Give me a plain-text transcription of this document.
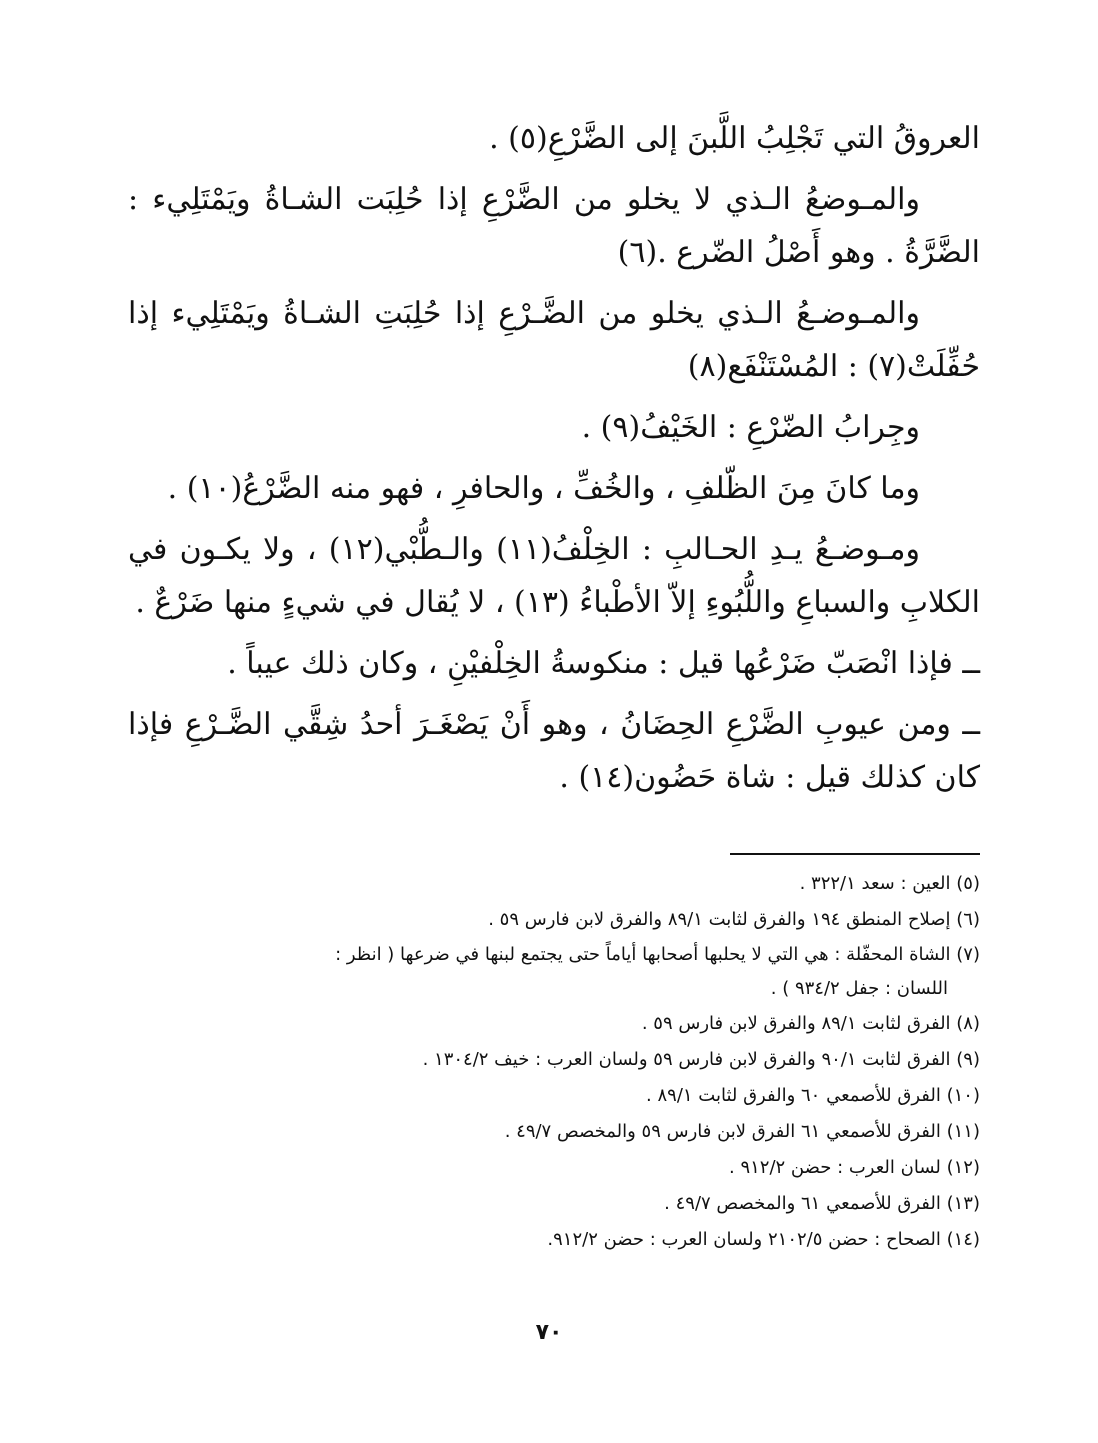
العروقُ التي تَجْلِبُ اللَّبنَ إلى الضَّرْعِ(٥) .

والمـوضعُ الـذي لا يخلو من الضَّرْعِ إذا حُلِبَت الشـاةُ ويَمْتَلِيء : الضَّرَّةُ . وهو أَصْلُ الضّرع .(٦)

والمـوضـعُ الـذي يخلو من الضَّـرْعِ إذا حُلِبَتِ الشـاةُ ويَمْتَلِيء إذا حُفِّلَتْ(٧) : المُسْتَنْفَع(٨)

وجِرابُ الضّرْعِ : الخَيْفُ(٩) .

وما كانَ مِنَ الظّلفِ ، والخُفِّ ، والحافرِ ، فهو منه الضَّرْعُ(١٠) .

ومـوضـعُ يـدِ الحـالبِ : الخِلْفُ(١١) والـطُّبْي(١٢) ، ولا يكـون في الكلابِ والسباعِ واللُّبُوءِ إلاّ الأطْباءُ (١٣) ، لا يُقال في شيءٍ منها ضَرْعٌ .

ــ فإذا انْصَبّ ضَرْعُها قيل : منكوسةُ الخِلْفيْنِ ، وكان ذلك عيباً .

ــ ومن عيوبِ الضَّرْعِ الحِضَانُ ، وهو أَنْ يَصْغَـرَ أحدُ شِقَّي الضَّـرْعِ فإذا كان كذلك قيل : شاة حَضُون(١٤) .

(٥) العين : سعد ٣٢٢/١ .

(٦) إصلاح المنطق ١٩٤ والفرق لثابت ٨٩/١ والفرق لابن فارس ٥٩ .

(٧) الشاة المحفّلة : هي التي لا يحلبها أصحابها أياماً حتى يجتمع لبنها في ضرعها ( انظر :
اللسان : جفل ٩٣٤/٢ ) .

(٨) الفرق لثابت ٨٩/١ والفرق لابن فارس ٥٩ .

(٩) الفرق لثابت ٩٠/١ والفرق لابن فارس ٥٩ ولسان العرب : خيف ١٣٠٤/٢ .

(١٠) الفرق للأصمعي ٦٠ والفرق لثابت ٨٩/١ .

(١١) الفرق للأصمعي ٦١ الفرق لابن فارس ٥٩ والمخصص ٤٩/٧ .

(١٢) لسان العرب : حضن ٩١٢/٢ .

(١٣) الفرق للأصمعي ٦١ والمخصص ٤٩/٧ .

(١٤) الصحاح : حضن ٢١٠٢/٥ ولسان العرب : حضن ٩١٢/٢.

٧٠
